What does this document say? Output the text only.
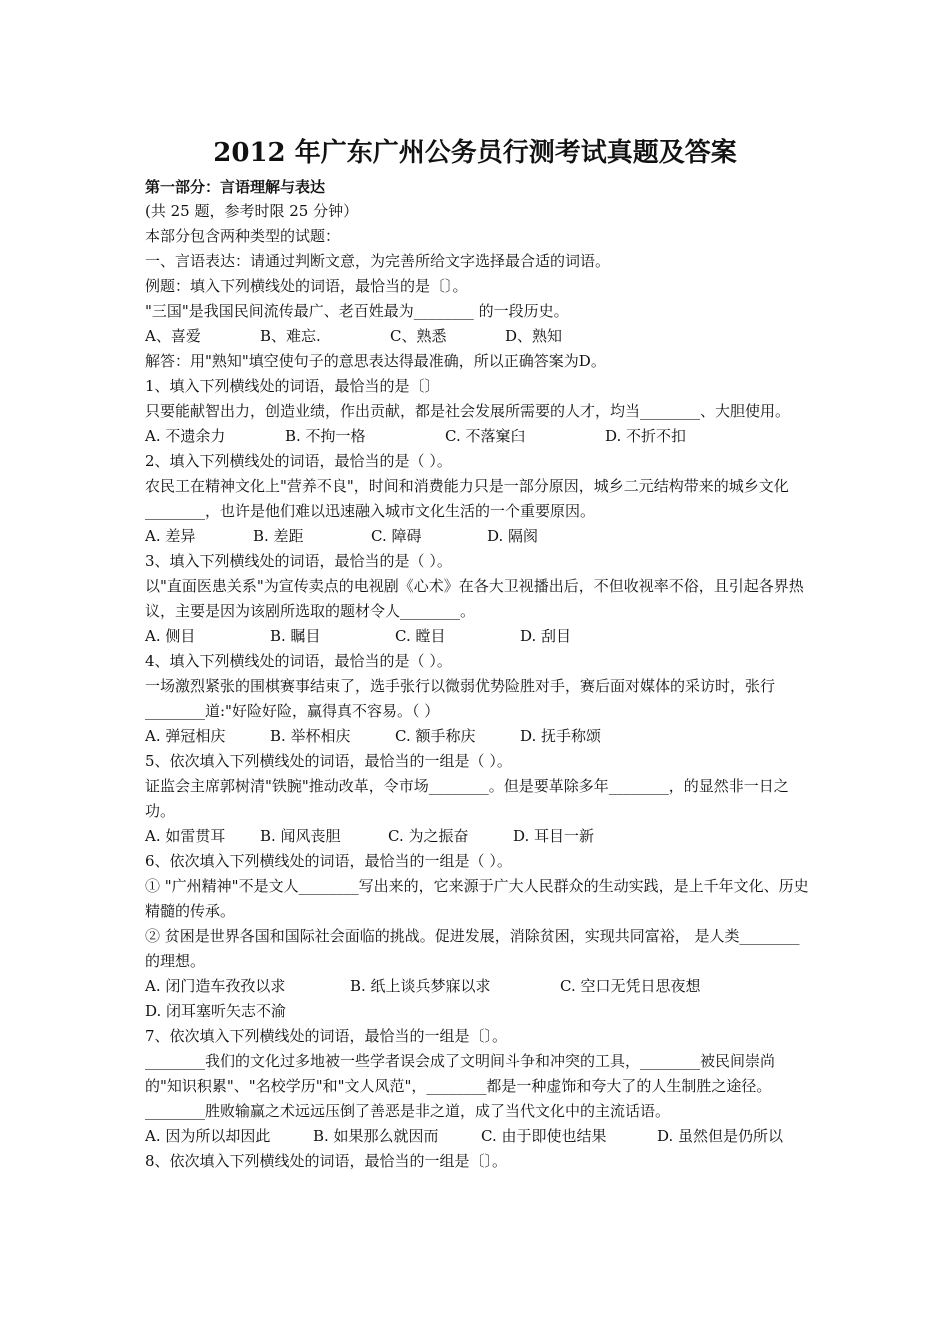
2012 年广东广州公务员行测考试真题及答案
第一部分：言语理解与表达

(共 25 题，参考时限 25 分钟）

本部分包含两种类型的试题：

一、言语表达：请通过判断文意，为完善所给文字选择最合适的词语。

例题：填入下列横线处的词语，最恰当的是〔〕。

"三国"是我国民间流传最广、老百姓最为________ 的一段历史。

A、喜爱	B、难忘.	C、熟悉	D、熟知

解答：用"熟知"填空使句子的意思表达得最准确，所以正确答案为D。

1、填入下列横线处的词语，最恰当的是〔〕

只要能献智出力，创造业绩，作出贡献，都是社会发展所需要的人才，均当________、大胆使用。

A. 不遗余力	B. 不拘一格	C. 不落窠臼	D. 不折不扣

2、填入下列横线处的词语，最恰当的是（ ）。

农民工在精神文化上"营养不良"，时间和消费能力只是一部分原因，城乡二元结构带来的城乡文化________，也许是他们难以迅速融入城市文化生活的一个重要原因。

A. 差异	B. 差距	C. 障碍	D. 隔阂

3、填入下列横线处的词语，最恰当的是（ ）。

以"直面医患关系"为宣传卖点的电视剧《心术》在各大卫视播出后，不但收视率不俗，且引起各界热议，主要是因为该剧所选取的题材令人________。

A. 侧目	B. 瞩目	C. 瞠目	D. 刮目

4、填入下列横线处的词语，最恰当的是（ ）。

一场激烈紧张的围棋赛事结束了，选手张行以微弱优势险胜对手，赛后面对媒体的采访时，张行

________道:"好险好险，赢得真不容易。（ ）

A. 弹冠相庆	B. 举杯相庆	C. 额手称庆	D. 抚手称颂

5、依次填入下列横线处的词语，最恰当的一组是（ ）。

证监会主席郭树清"铁腕"推动改革，令市场________。但是要革除多年________，的显然非一日之功。

A. 如雷贯耳	B. 闻风丧胆	C. 为之振奋	D. 耳目一新

6、依次填入下列横线处的词语，最恰当的一组是（ ）。

① "广州精神"不是文人________写出来的，它来源于广大人民群众的生动实践，是上千年文化、历史精髓的传承。

② 贫困是世界各国和国际社会面临的挑战。促进发展，消除贫困，实现共同富裕， 是人类________的理想。

A. 闭门造车孜孜以求	B. 纸上谈兵梦寐以求	C. 空口无凭日思夜想
D. 闭耳塞听矢志不渝

7、依次填入下列横线处的词语，最恰当的一组是〔〕。

________我们的文化过多地被一些学者误会成了文明间斗争和冲突的工具，________被民间崇尚的"知识积累"、"名校学历"和"文人风范"，________都是一种虚饰和夸大了的人生制胜之途径。________胜败输赢之术远远压倒了善恶是非之道，成了当代文化中的主流话语。

A. 因为所以却因此	B. 如果那么就因而	C. 由于即使也结果	D. 虽然但是仍所以

8、依次填入下列横线处的词语，最恰当的一组是〔〕。
